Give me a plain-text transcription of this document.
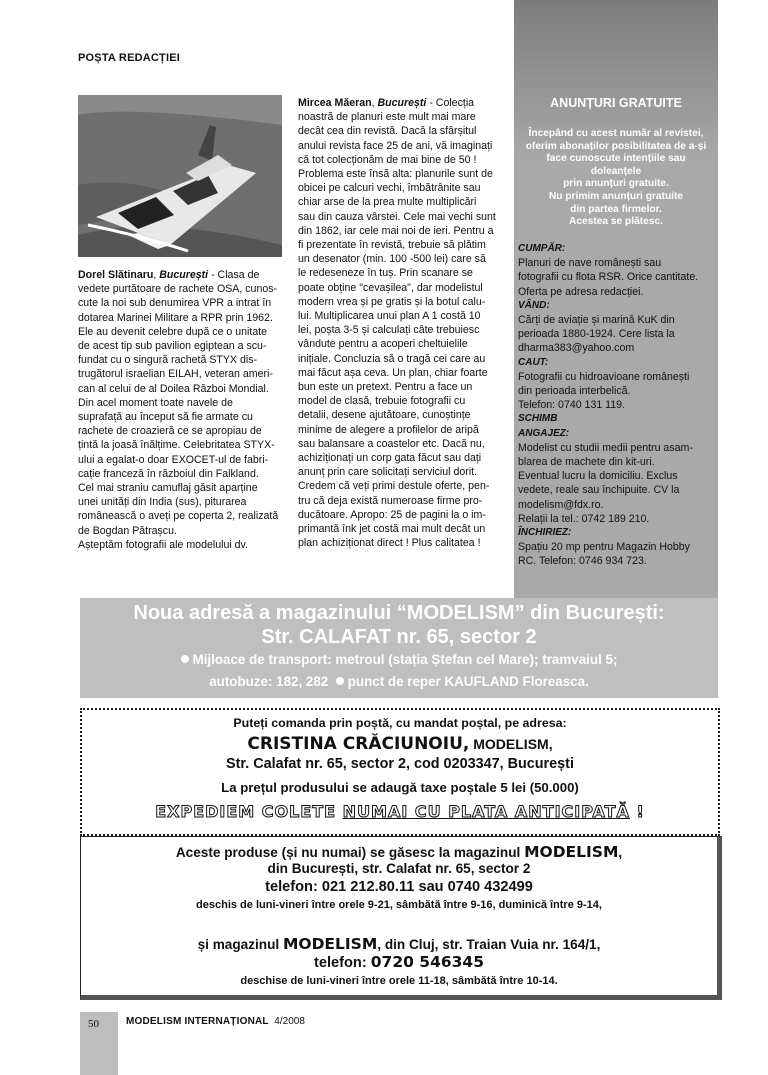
POȘTA REDACȚIEI

Dorel Slătinaru, București - Clasa de

vedete purtătoare de rachete OSA, cunos-

cute la noi sub denumirea VPR a intrat în

dotarea Marinei Militare a RPR prin 1962.

Ele au devenit celebre după ce o unitate

de acest tip sub pavilion egiptean a scu-

fundat cu o singură rachetă STYX dis-

trugătorul israelian EILAH, veteran ameri-

can al celui de al Doilea Război Mondial.

Din acel moment toate navele de

suprafață au început să fie armate cu

rachete de croazieră ce se apropiau de

țintă la joasă înălțime. Celebritatea STYX-

ului a egalat-o doar EXOCET-ul de fabri-

cație franceză în războiul din Falkland.

Cel mai straniu camuflaj găsit aparține

unei unități din India (sus), piturarea

românească o aveți pe coperta 2, realizată

de Bogdan Pătrașcu.

Așteptăm fotografii ale modelului dv.

Mircea Măeran, București - Colecția

noastră de planuri este mult mai mare

decât cea din revistă. Dacă la sfârșitul

anului revista face 25 de ani, vă imaginați

că tot colecționăm de mai bine de 50 !

Problema este însă alta: planurile sunt de

obicei pe calcuri vechi, îmbătrânite sau

chiar arse de la prea multe multiplicări

sau din cauza vârstei. Cele mai vechi sunt

din 1862, iar cele mai noi de ieri. Pentru a

fi prezentate în revistă, trebuie să plătim

un desenator (min. 100 -500 lei) care să

le redeseneze în tuș. Prin scanare se

poate obține "cevașilea", dar modelistul

modern vrea și pe gratis și la botul calu-

lui. Multiplicarea unui plan A 1 costă 10

lei, poșta 3-5 și calculați câte trebuiesc

vândute pentru a acoperi cheltuielile

inițiale. Concluzia să o tragă cei care au

mai făcut așa ceva. Un plan, chiar foarte

bun este un pretext. Pentru a face un

model de clasă, trebuie fotografii cu

detalii, desene ajutătoare, cunoștințe

minime de alegere a profilelor de aripă

sau balansare a coastelor etc. Dacă nu,

achiziționați un corp gata făcut sau dați

anunț prin care solicitați serviciul dorit.

Credem că veți primi destule oferte, pen-

tru că deja există numeroase firme pro-

ducătoare. Apropo: 25 de pagini la o im-

primantă înk jet costă mai mult decât un

plan achiziționat direct ! Plus calitatea !

ANUNȚURI GRATUITE
Începând cu acest număr al revistei,
oferim abonaților posibilitatea de a-și
face cunoscute intențiile sau doleanțele
prin anunțuri gratuite.
Nu primim anunțuri gratuite
din partea firmelor.
Acestea se plătesc.

CUMPĂR:

Planuri de nave românești sau

fotografii cu flota RSR. Orice cantitate.

Oferta pe adresa redacției.

VÂND:

Cărți de aviație și marină KuK din

perioada 1880-1924. Cere lista la

dharma383@yahoo.com

CAUT:

Fotografii cu hidroavioane românești

din perioada interbelică.

Telefon: 0740 131 119.

SCHIMB

ANGAJEZ:

Modelist cu studii medii pentru asam-

blarea de machete din kit-uri.

Eventual lucru la domiciliu. Exclus

vedete, reale sau închipuite. CV la

modelism@fdx.ro.

Relații la tel.: 0742 189 210.

ÎNCHIRIEZ:

Spațiu 20 mp pentru Magazin Hobby

RC. Telefon: 0746 934 723.

Noua adresă a magazinului “MODELISM” din București:
Str. CALAFAT nr. 65, sector 2
Mijloace de transport: metroul (stația Ștefan cel Mare); tramvaiul 5;
autobuze: 182, 282 punct de reper KAUFLAND Floreasca.
Puteți comanda prin poștă, cu mandat poștal, pe adresa:
CRISTINA CRĂCIUNOIU, MODELISM,
Str. Calafat nr. 65, sector 2, cod 0203347, București
La prețul produsului se adaugă taxe poștale 5 lei (50.000)
EXPEDIEM COLETE NUMAI CU PLATA ANTICIPATĂ !
Aceste produse (și nu numai) se găsesc la magazinul MODELISM,
din București, str. Calafat nr. 65, sector 2
telefon: 021 212.80.11 sau 0740 432499
deschis de luni-vineri între orele 9-21, sâmbătă între 9-16, duminică între 9-14,
și magazinul MODELISM, din Cluj, str. Traian Vuia nr. 164/1,
telefon: 0720 546345
deschise de luni-vineri între orele 11-18, sâmbătă între 10-14.
50	MODELISM INTERNAȚIONAL 4/2008
